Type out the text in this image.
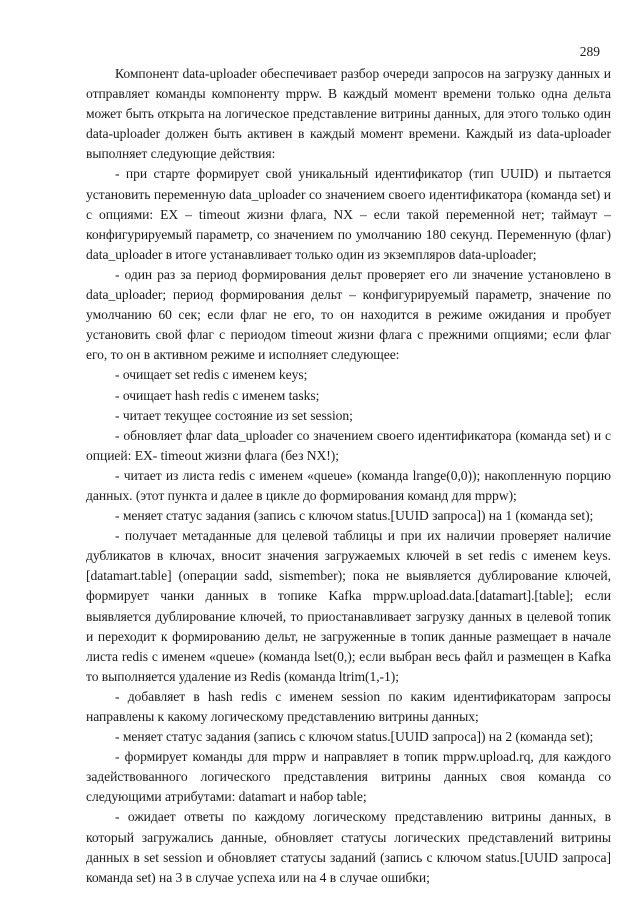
289

Компонент data-uploader обеспечивает разбор очереди запросов на загрузку данных и отправляет команды компоненту mppw. В каждый момент времени только одна дельта может быть открыта на логическое представление витрины данных, для этого только один data-uploader должен быть активен в каждый момент времени. Каждый из data-uploader выполняет следующие действия:

- при старте формирует свой уникальный идентификатор (тип UUID) и пытается установить переменную data_uploader со значением своего идентификатора (команда set) и с опциями: EX – timeout жизни флага, NX – если такой переменной нет; таймаут – конфигурируемый параметр, со значением по умолчанию 180 секунд. Переменную (флаг) data_uploader в итоге устанавливает только один из экземпляров data-uploader;

- один раз за период формирования дельт проверяет его ли значение установлено в data_uploader; период формирования дельт – конфигурируемый параметр, значение по умолчанию 60 сек; если флаг не его, то он находится в режиме ожидания и пробует установить свой флаг с периодом timeout жизни флага с прежними опциями; если флаг его, то он в активном режиме и исполняет следующее:

- очищает set redis с именем keys;

- очищает hash redis с именем tasks;

- читает текущее состояние из set session;

- обновляет флаг data_uploader со значением своего идентификатора (команда set) и с опцией: EX- timeout жизни флага (без NX!);

- читает из листа redis с именем «queue» (команда lrange(0,0)); накопленную порцию данных. (этот пункта и далее в цикле до формирования команд для mppw);

- меняет статус задания (запись с ключом status.[UUID запроса]) на 1 (команда set);

- получает метаданные для целевой таблицы и при их наличии проверяет наличие дубликатов в ключах, вносит значения загружаемых ключей в set redis с именем keys.[datamart.table] (операции sadd, sismember); пока не выявляется дублирование ключей, формирует чанки данных в топике Kafka mppw.upload.data.[datamart].[table]; если выявляется дублирование ключей, то приостанавливает загрузку данных в целевой топик и переходит к формированию дельт, не загруженные в топик данные размещает в начале листа redis с именем «queue» (команда lset(0,); если выбран весь файл и размещен в Kafka то выполняется удаление из Redis (команда ltrim(1,-1);

- добавляет в hash redis с именем session по каким идентификаторам запросы направлены к какому логическому представлению витрины данных;

- меняет статус задания (запись с ключом status.[UUID запроса]) на 2 (команда set);

- формирует команды для mppw и направляет в топик mppw.upload.rq, для каждого задействованного логического представления витрины данных своя команда со следующими атрибутами: datamart и набор table;

- ожидает ответы по каждому логическому представлению витрины данных, в который загружались данные, обновляет статусы логических представлений витрины данных в set session и обновляет статусы заданий (запись с ключом status.[UUID запроса] команда set) на 3 в случае успеха или на 4 в случае ошибки;
